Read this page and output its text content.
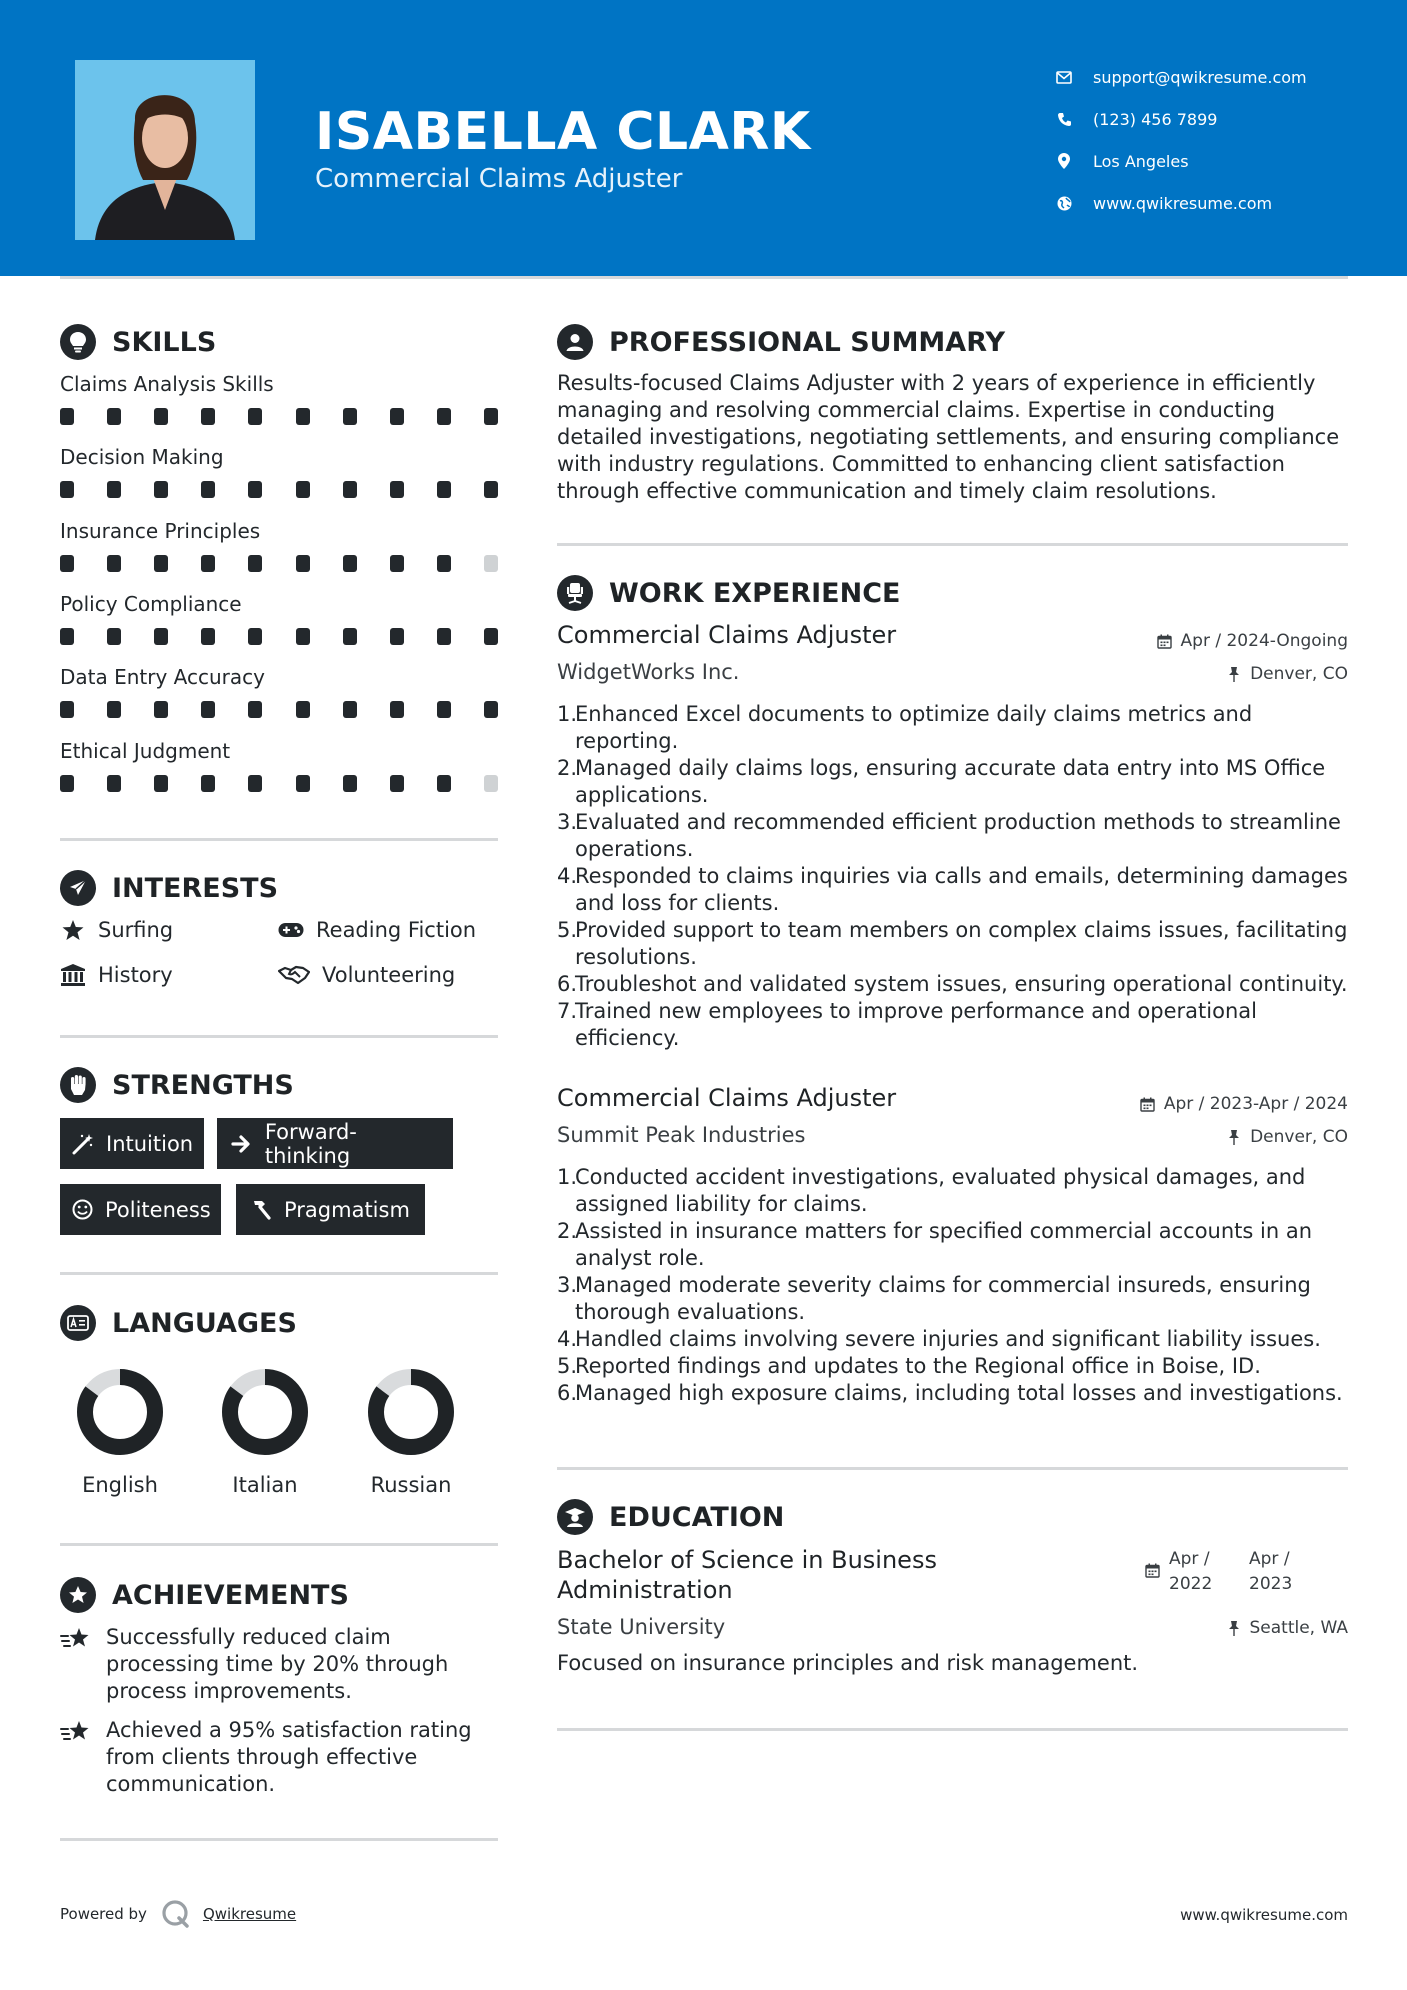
ISABELLA CLARK
Commercial Claims Adjuster
support@qwikresume.com
(123) 456 7899
Los Angeles
www.qwikresume.com
SKILLS
Claims Analysis Skills
Decision Making
Insurance Principles
Policy Compliance
Data Entry Accuracy
Ethical Judgment
INTERESTS
Surfing	Reading Fiction
History	Volunteering
STRENGTHS
Intuition	Forward-thinking
Politeness	Pragmatism
LANGUAGES
English	Italian	Russian
ACHIEVEMENTS
Successfully reduced claim processing time by 20% through process improvements.
Achieved a 95% satisfaction rating from clients through effective communication.
PROFESSIONAL SUMMARY
Results-focused Claims Adjuster with 2 years of experience in efficiently managing and resolving commercial claims. Expertise in conducting detailed investigations, negotiating settlements, and ensuring compliance with industry regulations. Committed to enhancing client satisfaction through effective communication and timely claim resolutions.
WORK EXPERIENCE
Commercial Claims Adjuster	Apr / 2024-Ongoing
WidgetWorks Inc.	Denver, CO
1.
Enhanced Excel documents to optimize daily claims metrics and reporting.
2.
Managed daily claims logs, ensuring accurate data entry into MS Office applications.
3.
Evaluated and recommended efficient production methods to streamline operations.
4.
Responded to claims inquiries via calls and emails, determining damages and loss for clients.
5.
Provided support to team members on complex claims issues, facilitating resolutions.
6.
Troubleshot and validated system issues, ensuring operational continuity.
7.
Trained new employees to improve performance and operational efficiency.
Commercial Claims Adjuster	Apr / 2023-Apr / 2024
Summit Peak Industries	Denver, CO
1.
Conducted accident investigations, evaluated physical damages, and assigned liability for claims.
2.
Assisted in insurance matters for specified commercial accounts in an analyst role.
3.
Managed moderate severity claims for commercial insureds, ensuring thorough evaluations.
4.
Handled claims involving severe injuries and significant liability issues.
5.
Reported findings and updates to the Regional office in Boise, ID.
6.
Managed high exposure claims, including total losses and investigations.
EDUCATION
Bachelor of Science in Business Administration
Apr /
2022
Apr /
2023
State University	Seattle, WA
Focused on insurance principles and risk management.
Powered by	Qwikresume	www.qwikresume.com
